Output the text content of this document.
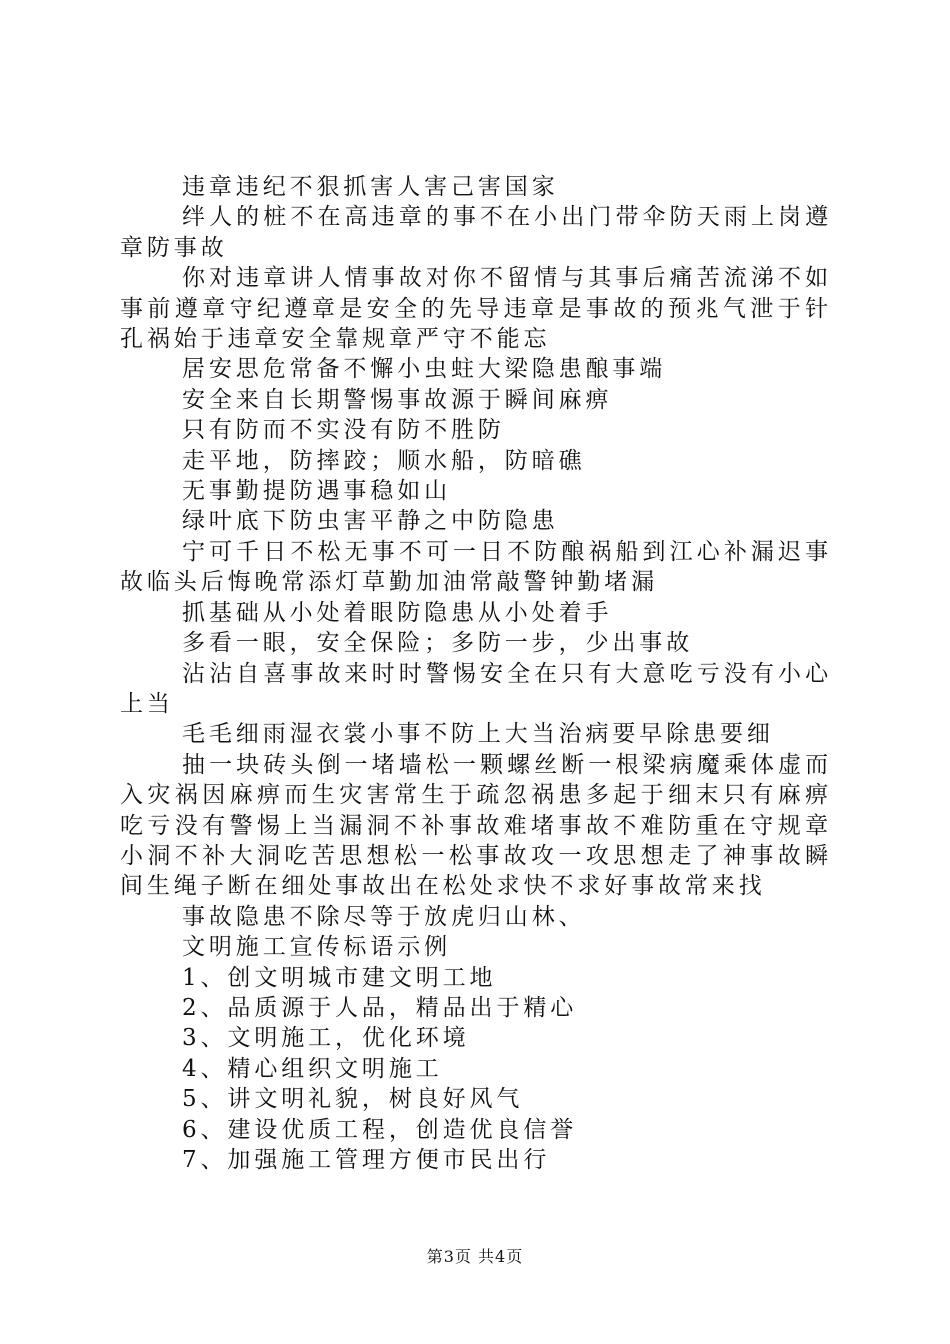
违章违纪不狠抓害人害己害国家

绊人的桩不在高违章的事不在小出门带伞防天雨上岗遵章防事故

你对违章讲人情事故对你不留情与其事后痛苦流涕不如事前遵章守纪遵章是安全的先导违章是事故的预兆气泄于针孔祸始于违章安全靠规章严守不能忘

居安思危常备不懈小虫蛀大梁隐患酿事端

安全来自长期警惕事故源于瞬间麻痹

只有防而不实没有防不胜防

走平地，防摔跤；顺水船，防暗礁

无事勤提防遇事稳如山

绿叶底下防虫害平静之中防隐患

宁可千日不松无事不可一日不防酿祸船到江心补漏迟事故临头后悔晚常添灯草勤加油常敲警钟勤堵漏

抓基础从小处着眼防隐患从小处着手

多看一眼，安全保险；多防一步，少出事故

沾沾自喜事故来时时警惕安全在只有大意吃亏没有小心上当

毛毛细雨湿衣裳小事不防上大当治病要早除患要细

抽一块砖头倒一堵墙松一颗螺丝断一根梁病魔乘体虚而入灾祸因麻痹而生灾害常生于疏忽祸患多起于细末只有麻痹吃亏没有警惕上当漏洞不补事故难堵事故不难防重在守规章小洞不补大洞吃苦思想松一松事故攻一攻思想走了神事故瞬间生绳子断在细处事故出在松处求快不求好事故常来找

事故隐患不除尽等于放虎归山林、

文明施工宣传标语示例

1、创文明城市建文明工地

2、品质源于人品，精品出于精心

3、文明施工，优化环境

4、精心组织文明施工

5、讲文明礼貌，树良好风气

6、建设优质工程，创造优良信誉

7、加强施工管理方便市民出行

第3页 共4页
